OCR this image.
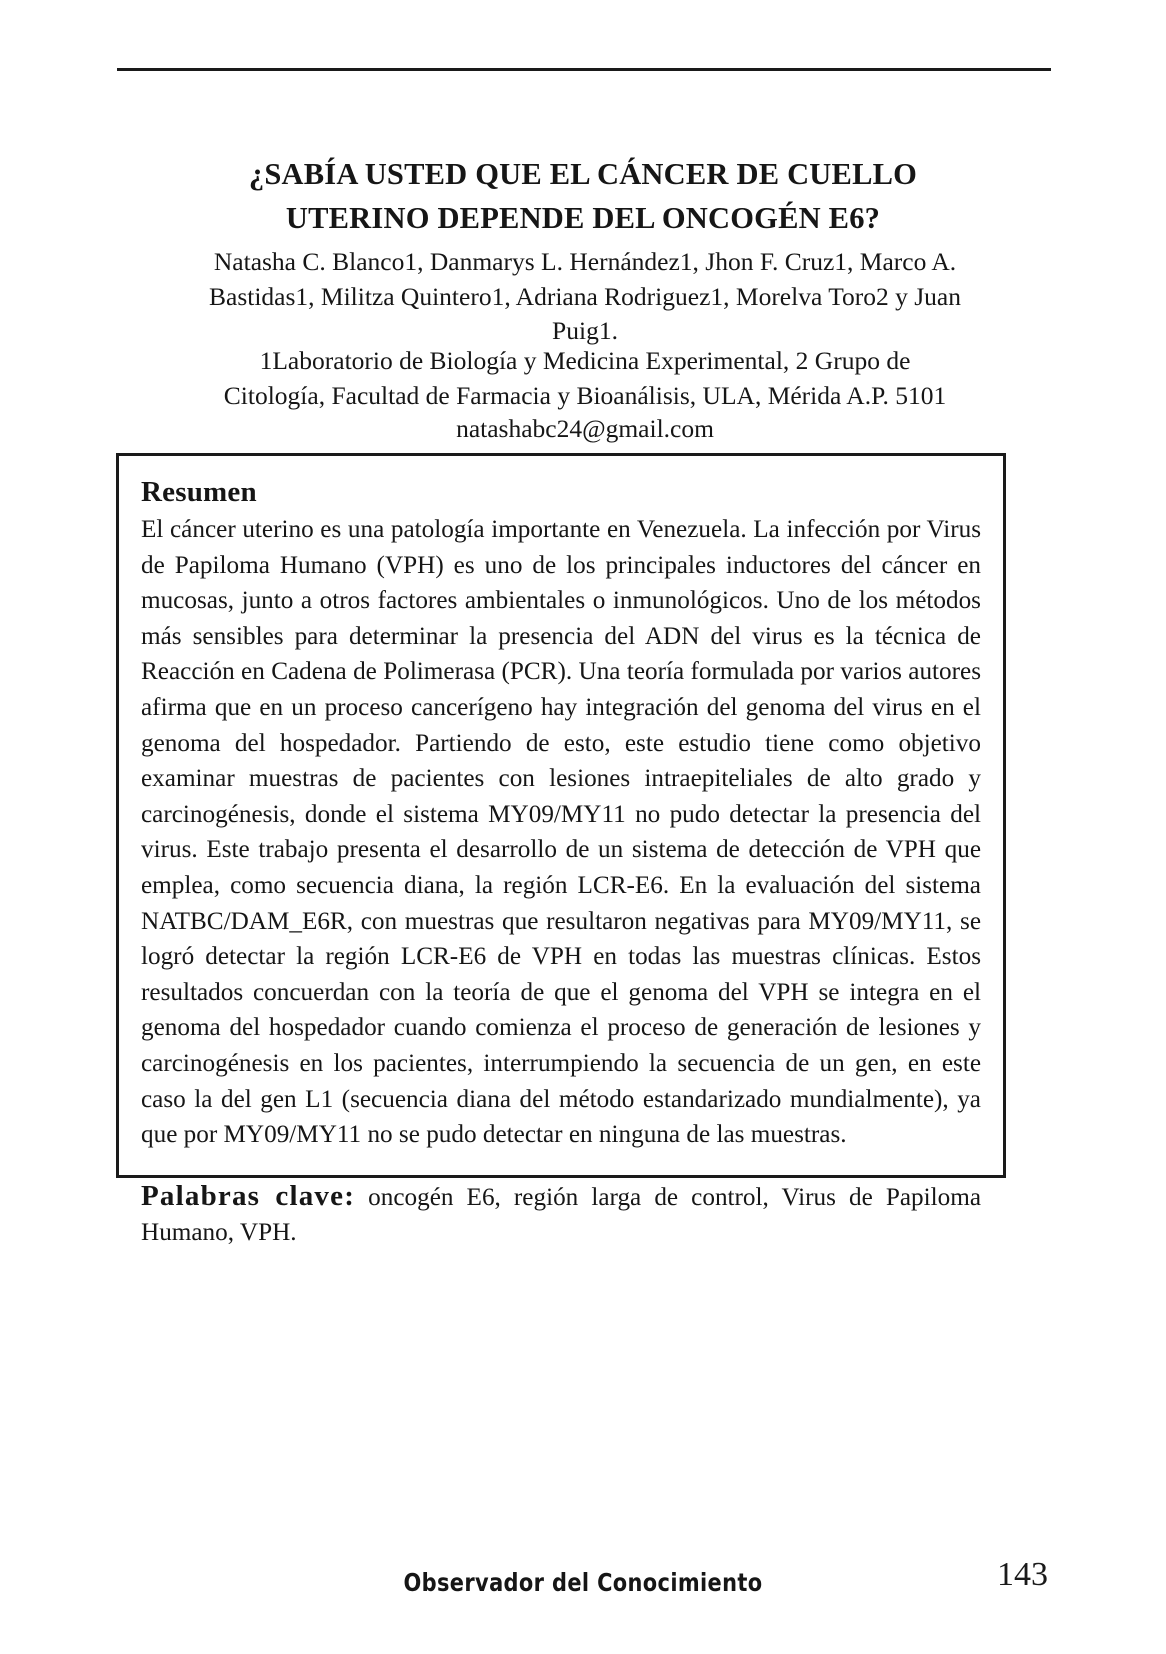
¿SABÍA USTED QUE EL CÁNCER DE CUELLO
UTERINO DEPENDE DEL ONCOGÉN E6?
Natasha C. Blanco1, Danmarys L. Hernández1, Jhon F. Cruz1, Marco A.
Bastidas1, Militza Quintero1, Adriana Rodriguez1, Morelva Toro2 y Juan
Puig1.
1Laboratorio de Biología y Medicina Experimental, 2 Grupo de
Citología, Facultad de Farmacia y Bioanálisis, ULA, Mérida A.P. 5101
natashabc24@gmail.com
Resumen

El cáncer uterino es una patología importante en Venezuela. La infección por Virus de Papiloma Humano (VPH) es uno de los principales inductores del cáncer en mucosas, junto a otros factores ambientales o inmunológicos. Uno de los métodos más sensibles para determinar la presencia del ADN del virus es la técnica de Reacción en Cadena de Polimerasa (PCR). Una teoría formulada por varios autores afirma que en un proceso cancerígeno hay integración del genoma del virus en el genoma del hospedador. Partiendo de esto, este estudio tiene como objetivo examinar muestras de pacientes con lesiones intraepiteliales de alto grado y carcinogénesis, donde el sistema MY09/MY11 no pudo detectar la presencia del virus. Este trabajo presenta el desarrollo de un sistema de detección de VPH que emplea, como secuencia diana, la región LCR-E6. En la evaluación del sistema NATBC/DAM_E6R, con muestras que resultaron negativas para MY09/MY11, se logró detectar la región LCR-E6 de VPH en todas las muestras clínicas. Estos resultados concuerdan con la teoría de que el genoma del VPH se integra en el genoma del hospedador cuando comienza el proceso de generación de lesiones y carcinogénesis en los pacientes, interrumpiendo la secuencia de un gen, en este caso la del gen L1 (secuencia diana del método estandarizado mundialmente), ya que por MY09/MY11 no se pudo detectar en ninguna de las muestras.

Palabras clave: oncogén E6, región larga de control, Virus de Papiloma Humano, VPH.

Observador del Conocimiento	143
